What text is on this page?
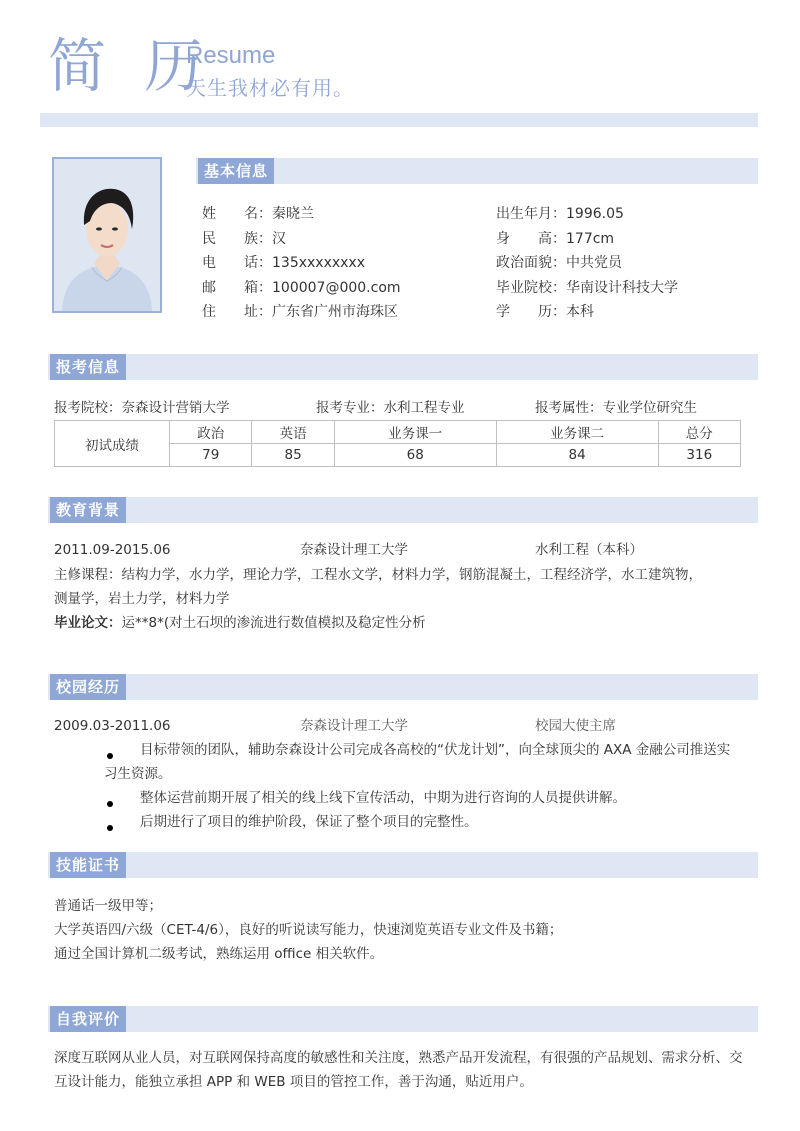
简 历
Resume
天生我材必有用。
基本信息
姓　　名：秦晓兰
民　　族：汉
电　　话：135xxxxxxxx
邮　　箱：100007@000.com
住　　址：广东省广州市海珠区
出生年月：1996.05
身　　高：177cm
政治面貌：中共党员
毕业院校：华南设计科技大学
学　　历：本科
报考信息
报考院校：奈森设计营销大学	报考专业：水利工程专业	报考属性：专业学位研究生
初试成绩	政治	英语	业务课一	业务课二	总分
	79	85	68	84	316
教育背景
2011.09-2015.06	奈森设计理工大学	水利工程（本科）
主修课程：结构力学，水力学，理论力学，工程水文学，材料力学，钢筋混凝土，工程经济学，水工建筑物，
测量学，岩土力学，材料力学
毕业论文：运**8*(对土石坝的渗流进行数值模拟及稳定性分析
校园经历
2009.03-2011.06	奈森设计理工大学	校园大使主席
目标带领的团队，辅助奈森设计公司完成各高校的“伏龙计划”，向全球顶尖的 AXA 金融公司推送实
习生资源。
整体运营前期开展了相关的线上线下宣传活动，中期为进行咨询的人员提供讲解。
后期进行了项目的维护阶段，保证了整个项目的完整性。
技能证书
普通话一级甲等；
大学英语四/六级（CET-4/6），良好的听说读写能力，快速浏览英语专业文件及书籍；
通过全国计算机二级考试，熟练运用 office 相关软件。
自我评价
深度互联网从业人员，对互联网保持高度的敏感性和关注度，熟悉产品开发流程，有很强的产品规划、需求分析、交
互设计能力，能独立承担 APP 和 WEB 项目的管控工作，善于沟通，贴近用户。
